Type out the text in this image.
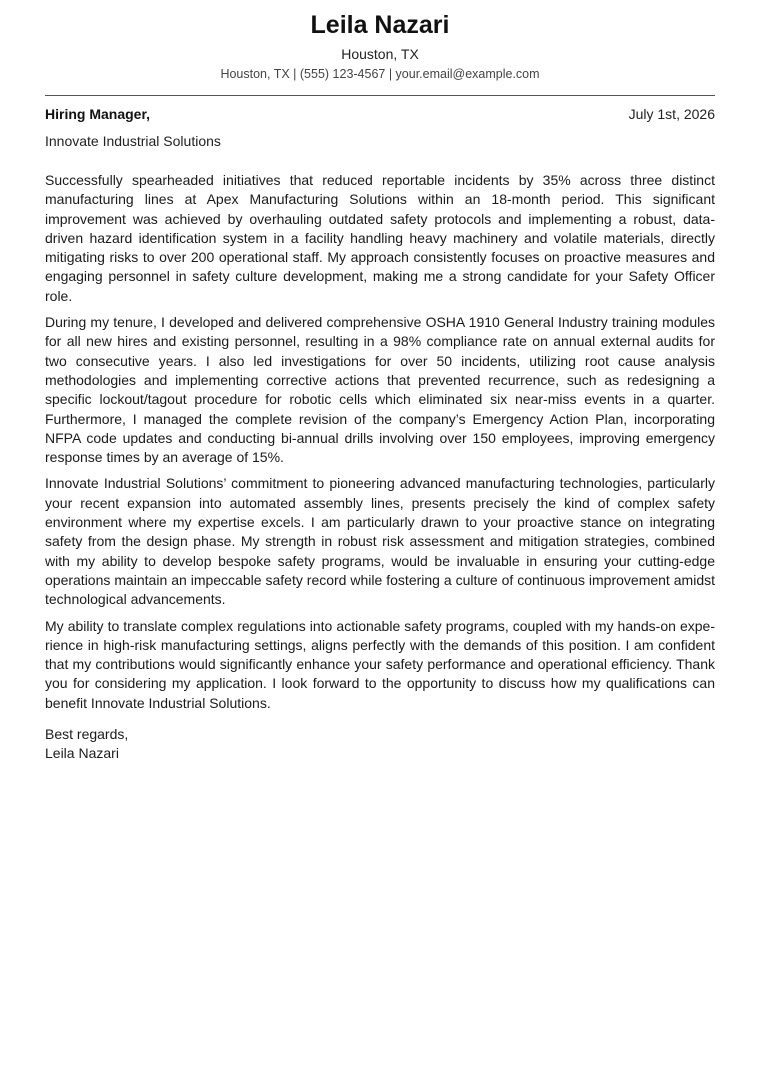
Leila Nazari
Houston, TX
Houston, TX | (555) 123-4567 | your.email@example.com
Hiring Manager,	July 1st, 2026
Innovate Industrial Solutions

Successfully spearheaded initiatives that reduced reportable incidents by 35% across three distinct manufacturing lines at Apex Manufacturing Solutions within an 18-month period. This significant improvement was achieved by overhauling outdated safety protocols and implementing a robust, data-driven hazard identification system in a facility handling heavy machinery and volatile materials, directly mitigating risks to over 200 operational staff. My approach consistently focuses on proactive measures and engaging personnel in safety culture development, making me a strong candidate for your Safety Officer role.

During my tenure, I developed and delivered comprehensive OSHA 1910 General Industry training modules for all new hires and existing personnel, resulting in a 98% compliance rate on annual external audits for two consecutive years. I also led investigations for over 50 incidents, utilizing root cause analysis methodologies and implementing corrective actions that prevented recurrence, such as redesigning a specific lockout/tagout procedure for robotic cells which eliminated six near-miss events in a quarter. Furthermore, I managed the complete revision of the company’s Emergency Action Plan, incorporating NFPA code updates and conducting bi-annual drills involving over 150 employees, improving emergency response times by an average of 15%.

Innovate Industrial Solutions’ commitment to pioneering advanced manufacturing technologies, particularly your recent expansion into automated assembly lines, presents precisely the kind of complex safety environment where my expertise excels. I am particularly drawn to your proactive stance on integrating safety from the design phase. My strength in robust risk assessment and mitigation strategies, combined with my ability to develop bespoke safety programs, would be invaluable in ensuring your cutting-edge operations maintain an impeccable safety record while fostering a culture of continuous improvement amidst technological advancements.

My ability to translate complex regulations into actionable safety programs, coupled with my hands-on experience in high-risk manufacturing settings, aligns perfectly with the demands of this position. I am confident that my contributions would significantly enhance your safety performance and operational efficiency. Thank you for considering my application. I look forward to the opportunity to discuss how my qualifications can benefit Innovate Industrial Solutions.

Best regards,
Leila Nazari
